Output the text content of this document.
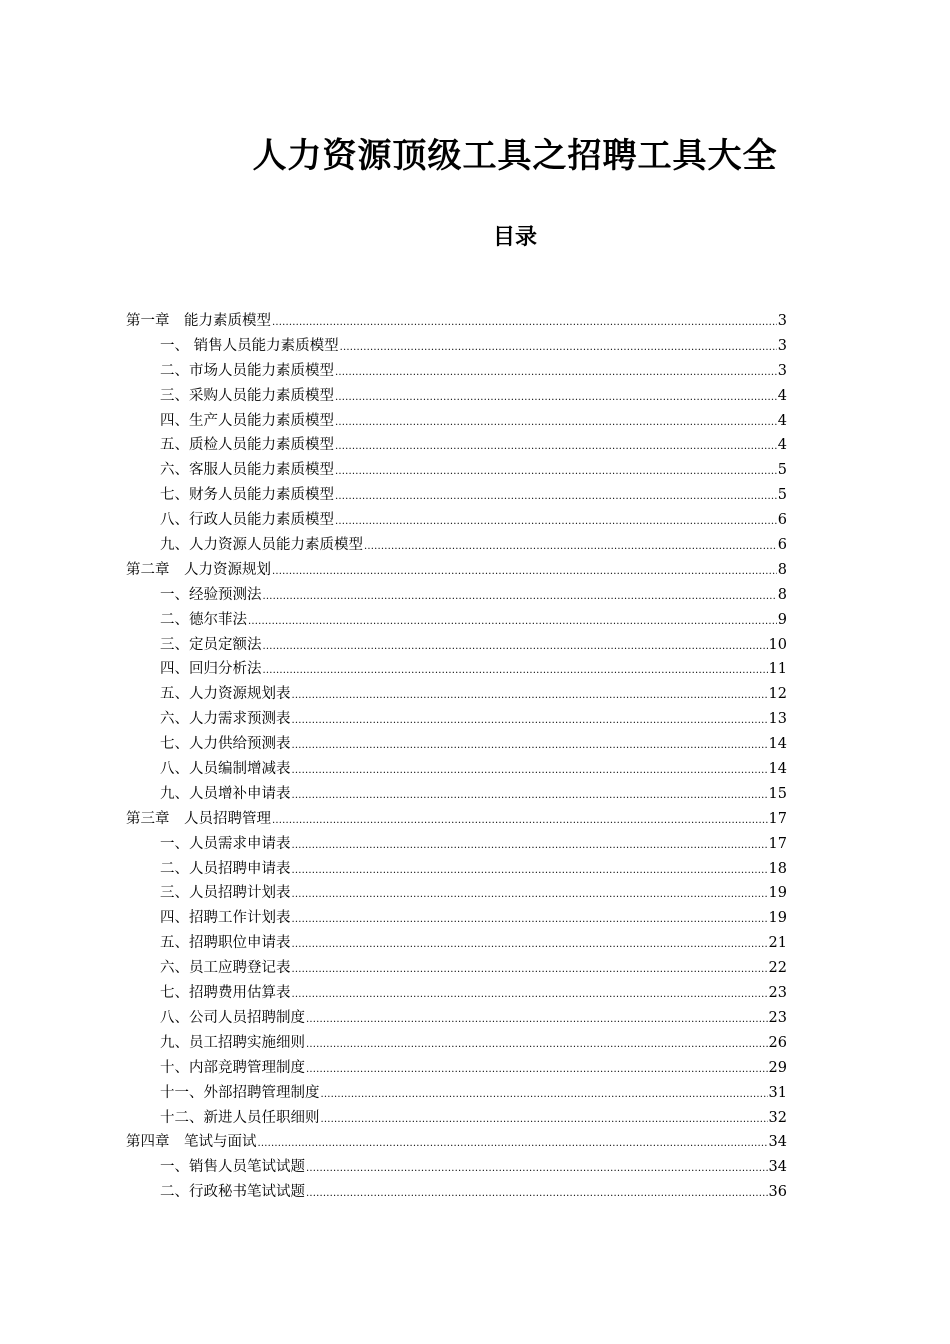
人力资源顶级工具之招聘工具大全
目录
第一章　能力素质模型 .....	3
一、 销售人员能力素质模型 .....	3
二、市场人员能力素质模型 .....	3
三、采购人员能力素质模型 .....	4
四、生产人员能力素质模型 .....	4
五、质检人员能力素质模型 .....	4
六、客服人员能力素质模型 .....	5
七、财务人员能力素质模型 .....	5
八、行政人员能力素质模型 .....	6
九、人力资源人员能力素质模型 .....	6
第二章　人力资源规划 .....	8
一、经验预测法 .....	8
二、德尔菲法 .....	9
三、定员定额法 .....	10
四、回归分析法 .....	11
五、人力资源规划表 .....	12
六、人力需求预测表 .....	13
七、人力供给预测表 .....	14
八、人员编制增减表 .....	14
九、人员增补申请表 .....	15
第三章　人员招聘管理 .....	17
一、人员需求申请表 .....	17
二、人员招聘申请表 .....	18
三、人员招聘计划表 .....	19
四、招聘工作计划表 .....	19
五、招聘职位申请表 .....	21
六、员工应聘登记表 .....	22
七、招聘费用估算表 .....	23
八、公司人员招聘制度 .....	23
九、员工招聘实施细则 .....	26
十、内部竞聘管理制度 .....	29
十一、外部招聘管理制度 .....	31
十二、新进人员任职细则 .....	32
第四章　笔试与面试 .....	34
一、销售人员笔试试题 .....	34
二、行政秘书笔试试题 .....	36
